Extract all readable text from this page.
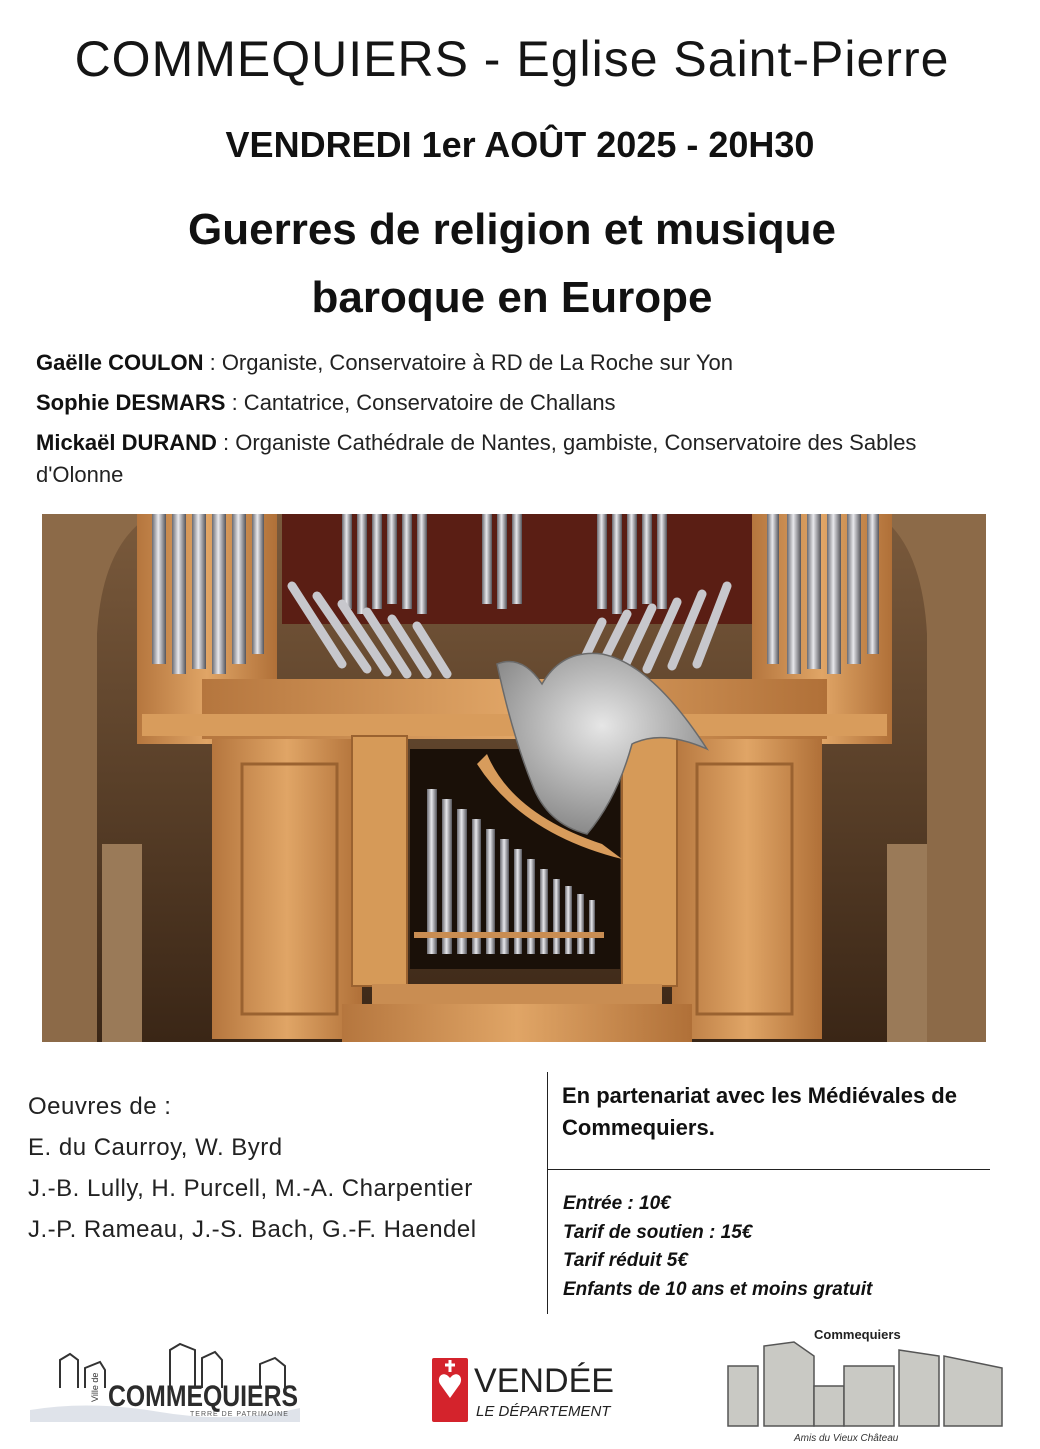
COMMEQUIERS - Eglise Saint-Pierre
VENDREDI 1er AOÛT 2025 - 20H30
Guerres de religion et musique
baroque en Europe
Gaëlle COULON : Organiste, Conservatoire à RD de La Roche sur Yon
Sophie DESMARS : Cantatrice, Conservatoire de Challans
Mickaël DURAND : Organiste Cathédrale de Nantes, gambiste, Conservatoire des Sables d'Olonne
Oeuvres de :
E. du Caurroy, W. Byrd
J.-B. Lully, H. Purcell, M.-A. Charpentier
J.-P. Rameau, J.-S. Bach, G.-F. Haendel
En partenariat avec les Médiévales de Commequiers.
Entrée : 10€
Tarif de soutien : 15€
Tarif réduit 5€
Enfants de 10 ans et moins gratuit
Ville de COMMEQUIERS
TERRE DE PATRIMOINE
VENDÉE
LE DÉPARTEMENT
Commequiers
Amis du Vieux Château
